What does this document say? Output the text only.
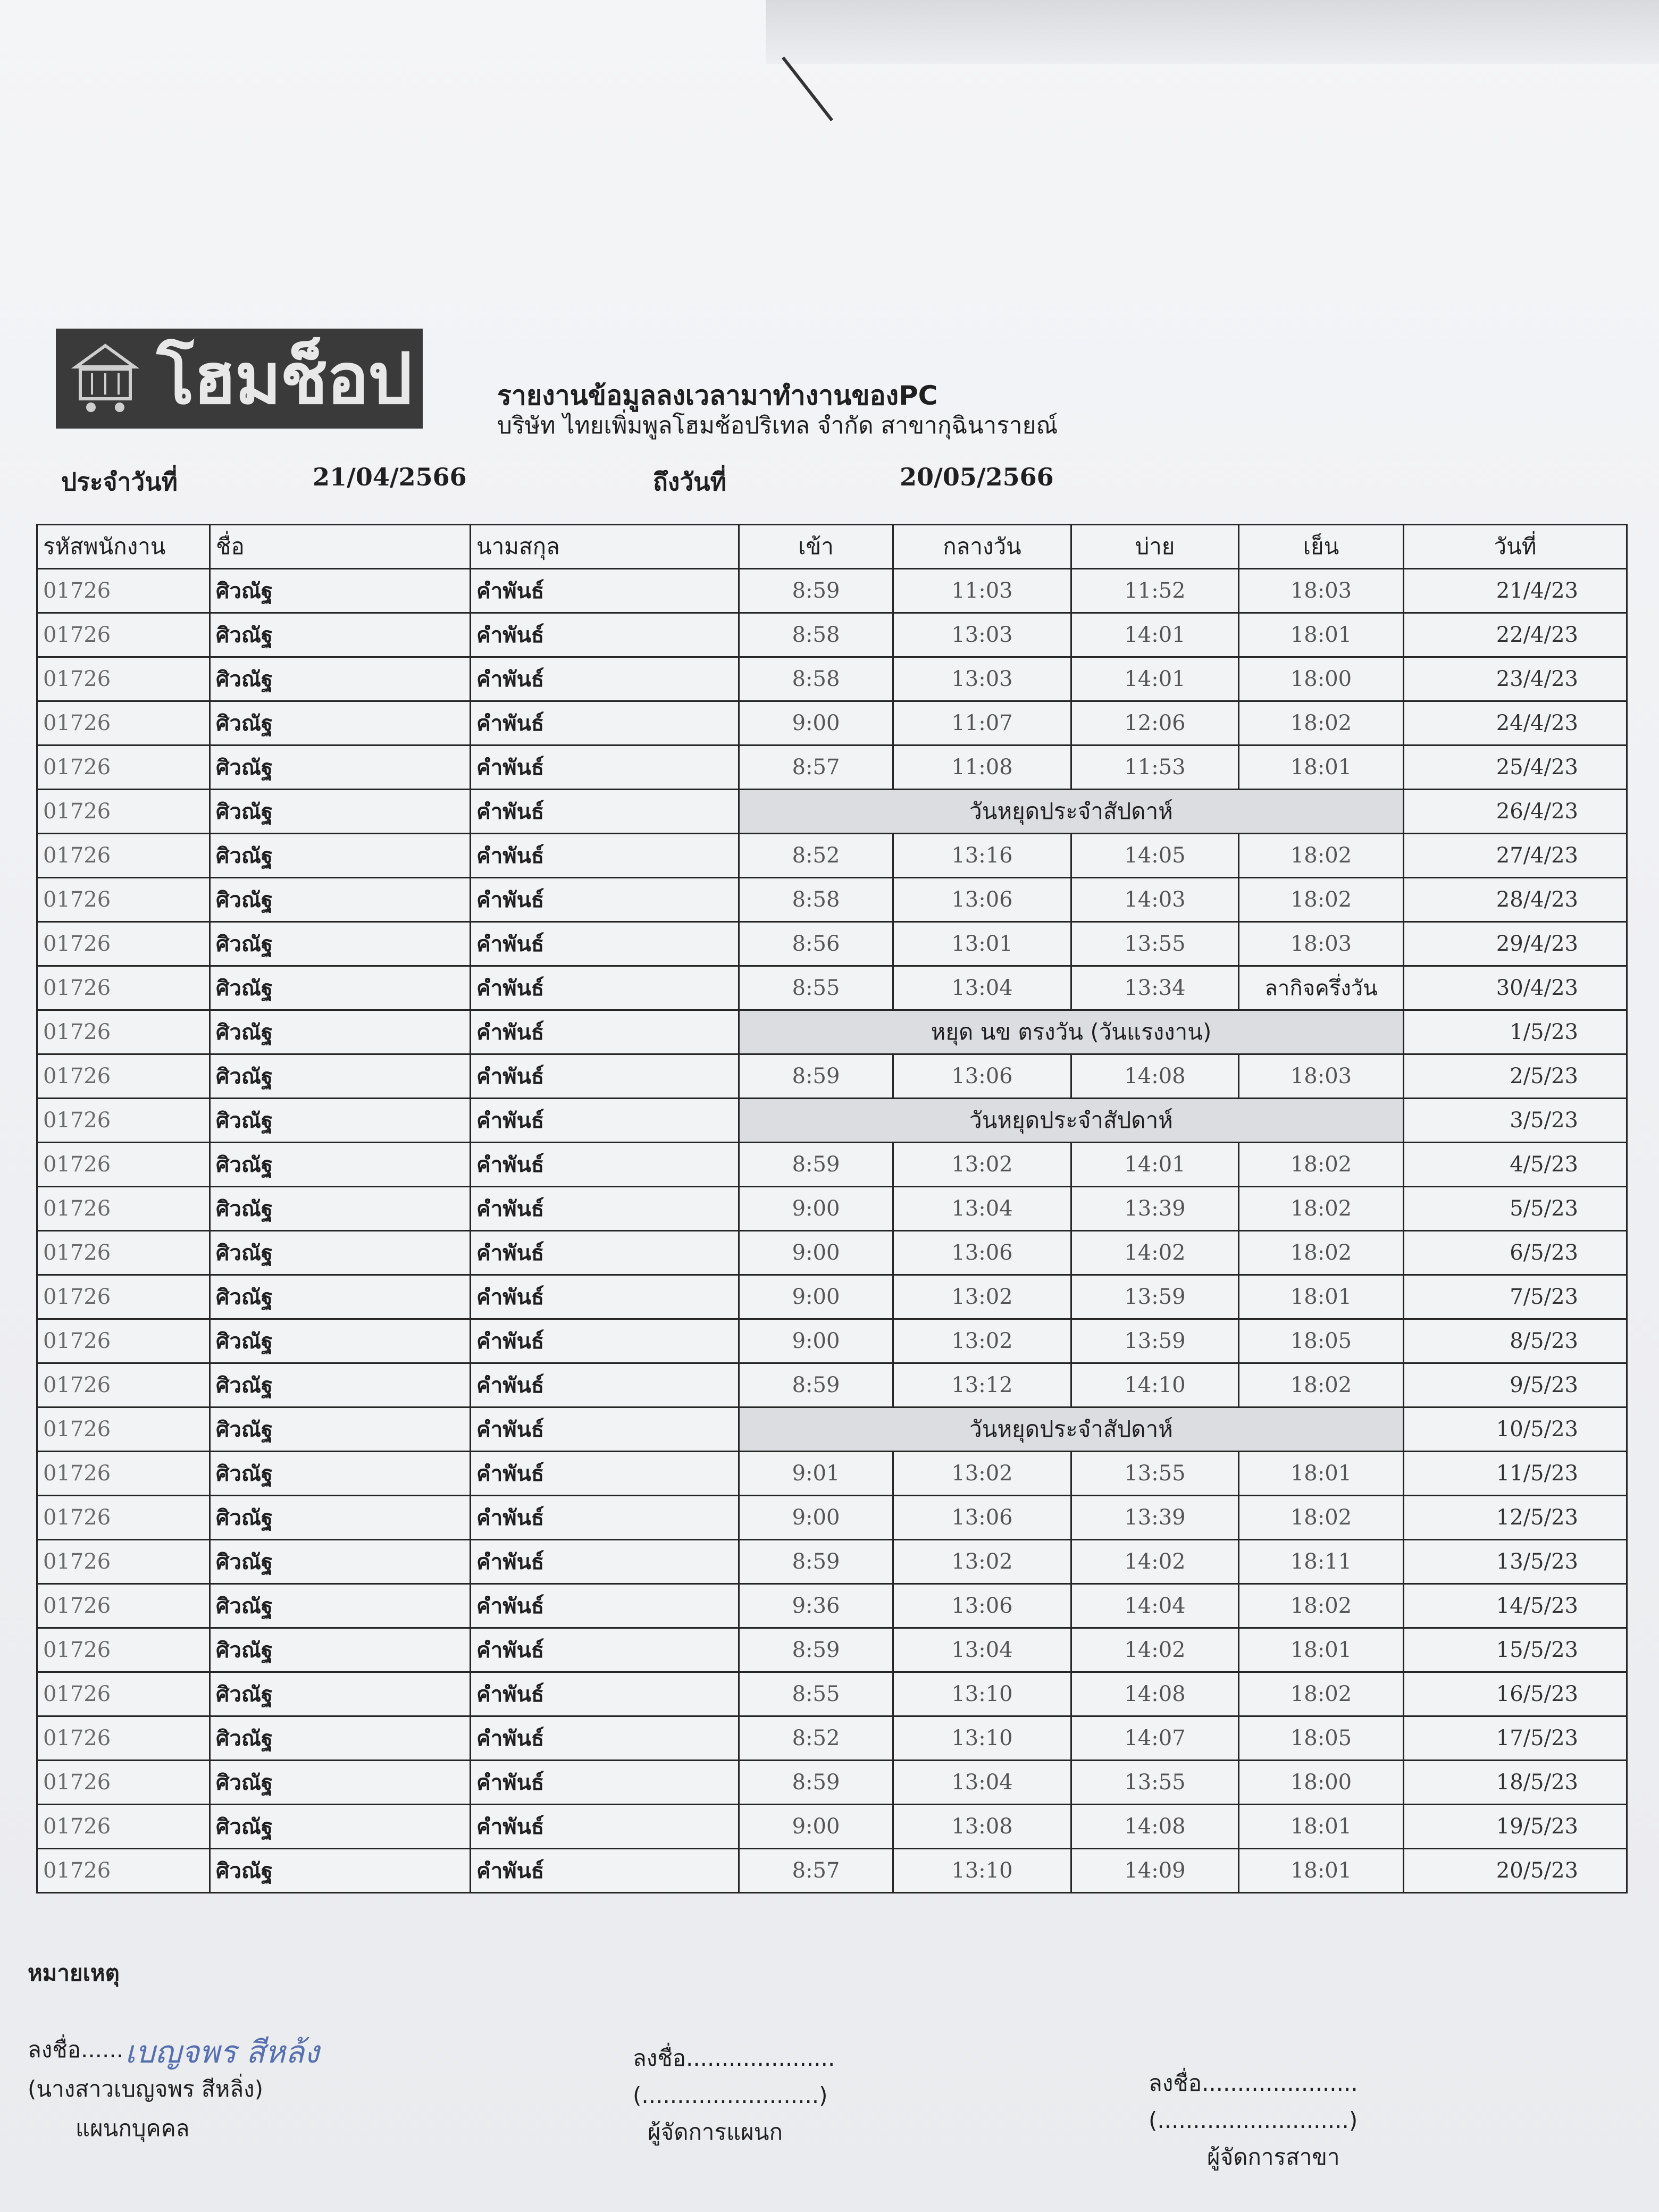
โฮมช็อป	รายงานข้อมูลลงเวลามาทำงานของPC
บริษัท ไทยเพิ่มพูลโฮมช้อปริเทล จำกัด สาขากุฉินารายณ์
ประจำวันที่	21/04/2566	ถึงวันที่	20/05/2566
รหัสพนักงาน	ชื่อ	นามสกุล	เข้า	กลางวัน	บ่าย	เย็น	วันที่
01726	ศิวณัฐ	คำพันธ์	8:59	11:03	11:52	18:03	21/4/23
01726	ศิวณัฐ	คำพันธ์	8:58	13:03	14:01	18:01	22/4/23
01726	ศิวณัฐ	คำพันธ์	8:58	13:03	14:01	18:00	23/4/23
01726	ศิวณัฐ	คำพันธ์	9:00	11:07	12:06	18:02	24/4/23
01726	ศิวณัฐ	คำพันธ์	8:57	11:08	11:53	18:01	25/4/23
01726	ศิวณัฐ	คำพันธ์	วันหยุดประจำสัปดาห์				26/4/23
01726	ศิวณัฐ	คำพันธ์	8:52	13:16	14:05	18:02	27/4/23
01726	ศิวณัฐ	คำพันธ์	8:58	13:06	14:03	18:02	28/4/23
01726	ศิวณัฐ	คำพันธ์	8:56	13:01	13:55	18:03	29/4/23
01726	ศิวณัฐ	คำพันธ์	8:55	13:04	13:34	ลากิจครึ่งวัน	30/4/23
01726	ศิวณัฐ	คำพันธ์	หยุด นข ตรงวัน (วันแรงงาน)				1/5/23
01726	ศิวณัฐ	คำพันธ์	8:59	13:06	14:08	18:03	2/5/23
01726	ศิวณัฐ	คำพันธ์	วันหยุดประจำสัปดาห์				3/5/23
01726	ศิวณัฐ	คำพันธ์	8:59	13:02	14:01	18:02	4/5/23
01726	ศิวณัฐ	คำพันธ์	9:00	13:04	13:39	18:02	5/5/23
01726	ศิวณัฐ	คำพันธ์	9:00	13:06	14:02	18:02	6/5/23
01726	ศิวณัฐ	คำพันธ์	9:00	13:02	13:59	18:01	7/5/23
01726	ศิวณัฐ	คำพันธ์	9:00	13:02	13:59	18:05	8/5/23
01726	ศิวณัฐ	คำพันธ์	8:59	13:12	14:10	18:02	9/5/23
01726	ศิวณัฐ	คำพันธ์	วันหยุดประจำสัปดาห์				10/5/23
01726	ศิวณัฐ	คำพันธ์	9:01	13:02	13:55	18:01	11/5/23
01726	ศิวณัฐ	คำพันธ์	9:00	13:06	13:39	18:02	12/5/23
01726	ศิวณัฐ	คำพันธ์	8:59	13:02	14:02	18:11	13/5/23
01726	ศิวณัฐ	คำพันธ์	9:36	13:06	14:04	18:02	14/5/23
01726	ศิวณัฐ	คำพันธ์	8:59	13:04	14:02	18:01	15/5/23
01726	ศิวณัฐ	คำพันธ์	8:55	13:10	14:08	18:02	16/5/23
01726	ศิวณัฐ	คำพันธ์	8:52	13:10	14:07	18:05	17/5/23
01726	ศิวณัฐ	คำพันธ์	8:59	13:04	13:55	18:00	18/5/23
01726	ศิวณัฐ	คำพันธ์	9:00	13:08	14:08	18:01	19/5/23
01726	ศิวณัฐ	คำพันธ์	8:57	13:10	14:09	18:01	20/5/23
หมายเหตุ
เบญจพร สีหล้ง
ลงชื่อ......
(นางสาวเบญจพร สีหลิ่ง)
แผนกบุคคล
ลงชื่อ.....................
(.........................)
ผู้จัดการแผนก
ลงชื่อ......................
(...........................)
ผู้จัดการสาขา
